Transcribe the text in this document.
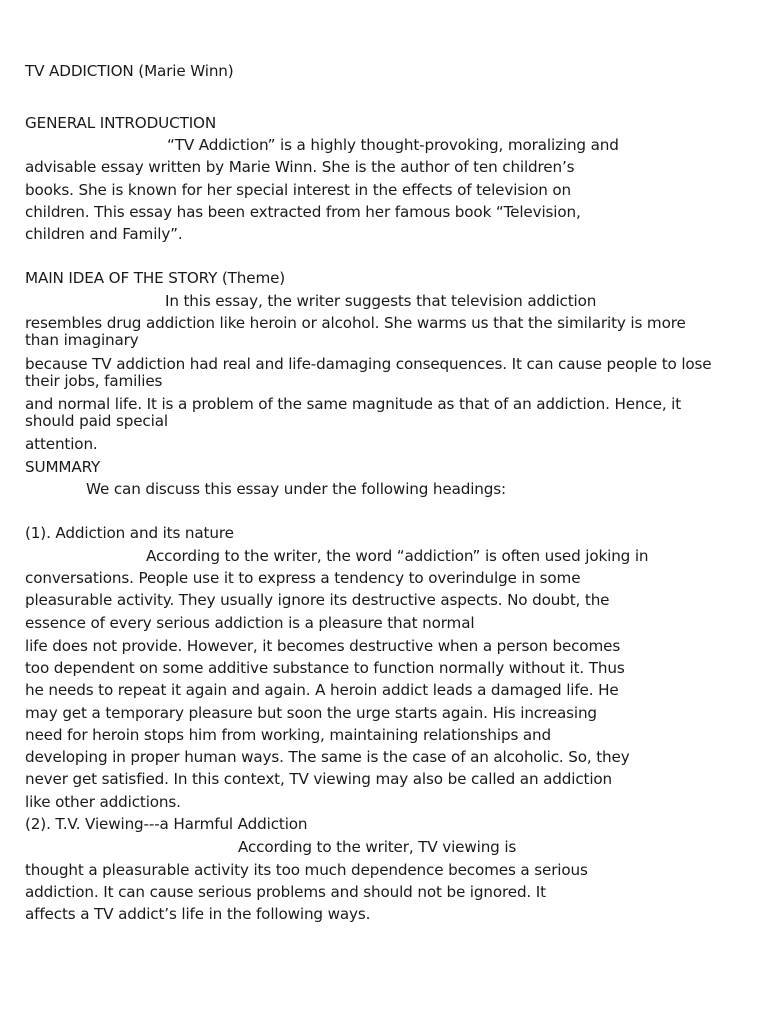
TV ADDICTION (Marie Winn)
GENERAL INTRODUCTION
“TV Addiction” is a highly thought-provoking, moralizing and
advisable essay written by Marie Winn. She is the author of ten children’s
books. She is known for her special interest in the effects of television on
children. This essay has been extracted from her famous book “Television,
children and Family”.
MAIN IDEA OF THE STORY (Theme)
In this essay, the writer suggests that television addiction
resembles drug addiction like heroin or alcohol. She warms us that the similarity is more than imaginary
because TV addiction had real and life-damaging consequences. It can cause people to lose their jobs, families
and normal life. It is a problem of the same magnitude as that of an addiction. Hence, it should paid special
attention.
SUMMARY
We can discuss this essay under the following headings:
(1). Addiction and its nature
According to the writer, the word “addiction” is often used joking in
conversations. People use it to express a tendency to overindulge in some
pleasurable activity. They usually ignore its destructive aspects. No doubt, the
essence of every serious addiction is a pleasure that normal
life does not provide. However, it becomes destructive when a person becomes
too dependent on some additive substance to function normally without it. Thus
he needs to repeat it again and again. A heroin addict leads a damaged life. He
may get a temporary pleasure but soon the urge starts again. His increasing
need for heroin stops him from working, maintaining relationships and
developing in proper human ways. The same is the case of an alcoholic. So, they
never get satisfied. In this context, TV viewing may also be called an addiction
like other addictions.
(2). T.V. Viewing---a Harmful Addiction
According to the writer, TV viewing is
thought a pleasurable activity its too much dependence becomes a serious
addiction. It can cause serious problems and should not be ignored. It
affects a TV addict’s life in the following ways.
